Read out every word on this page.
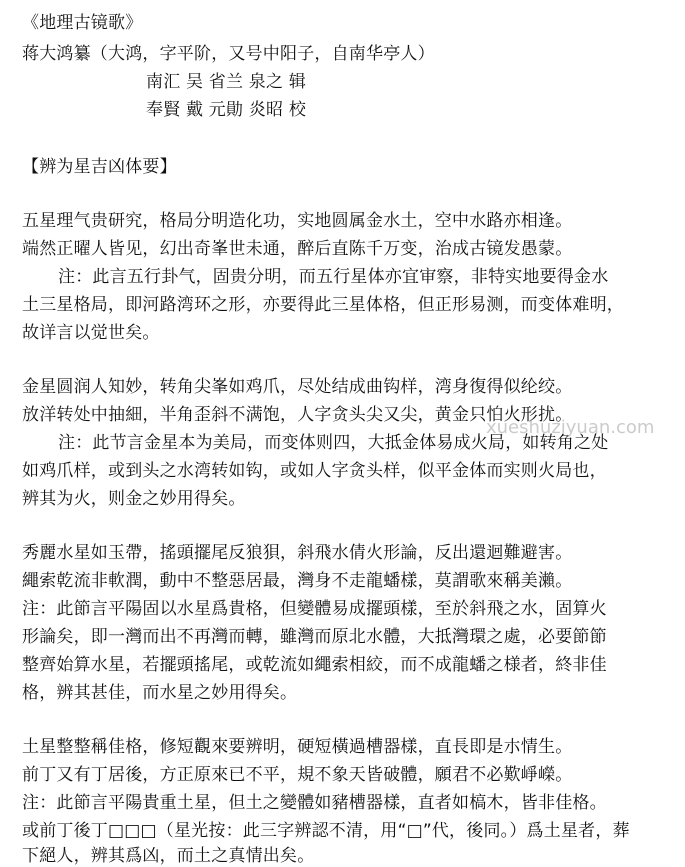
《地理古镜歌》
蒋大鸿纂（大鸿，字平阶，又号中阳子，自南华亭人）
南汇 吴 省兰 泉之 辑
奉賢 戴 元勛 炎昭 校
【辨为星吉凶体要】
五星理气贵研究，格局分明造化功，实地圆属金水土，空中水路亦相逢。
端然正曜人皆见，幻出奇峯世未通，醉后直陈千万变，治成古镜发愚蒙。
注：此言五行卦气，固贵分明，而五行星体亦宜审察，非特实地要得金水
土三星格局，即河路湾环之形，亦要得此三星体格，但正形易测，而变体难明，
故详言以觉世矣。
金星圆润人知妙，转角尖峯如鸡爪，尽处结成曲钩样，湾身復得似纶绞。
放洋转处中抽細，半角歪斜不满饱，人字贪头尖又尖，黄金只怕火形扰。
注：此节言金星本为美局，而变体则四，大抵金体易成火局，如转角之处
如鸡爪样，或到头之水湾转如钩，或如人字贪头样，似平金体而实则火局也，
辨其为火，则金之妙用得矣。
xueshuziyuan.com
秀麗水星如玉帶，搖頭擺尾反狼狽，斜飛水倩火形論，反出還迴難避害。
繩索乾流非軟潤，動中不整惡居最，灣身不走龍蟠樣，莫謂歌來稱美瀨。
注：此節言平陽固以水星爲貴格，但變體易成擺頭樣，至於斜飛之水，固算火
形論矣，即一灣而出不再灣而轉，雖灣而原北水體，大抵灣環之處，必要節節
整齊始算水星，若擺頭搖尾，或乾流如繩索相絞，而不成龍蟠之様者，終非佳
格，辨其甚佳，而水星之妙用得矣。
土星整整稱佳格，修短觀來要辨明，硬短橫過槽器樣，直長即是朩情生。
前丁又有丁居後，方正原來已不平，規不象天皆破體，願君不必歎崢嶸。
注：此節言平陽貴重土星，但土之變體如豬槽器樣，直者如槁木，皆非佳格。
或前丁後丁□□□（星光按：此三字辨認不清，用“□”代，後同。）爲土星者，葬
下絕人，辨其爲凶，而土之真情出矣。
